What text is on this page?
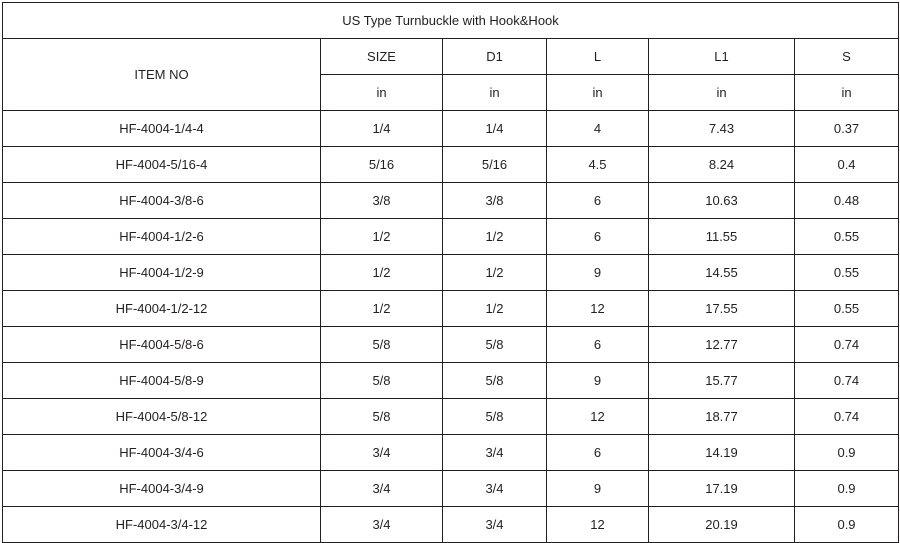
US Type Turnbuckle with Hook&Hook					
ITEM NO	SIZE	D1	L	L1	S
	in	in	in	in	in
HF-4004-1/4-4	1/4	1/4	4	7.43	0.37
HF-4004-5/16-4	5/16	5/16	4.5	8.24	0.4
HF-4004-3/8-6	3/8	3/8	6	10.63	0.48
HF-4004-1/2-6	1/2	1/2	6	11.55	0.55
HF-4004-1/2-9	1/2	1/2	9	14.55	0.55
HF-4004-1/2-12	1/2	1/2	12	17.55	0.55
HF-4004-5/8-6	5/8	5/8	6	12.77	0.74
HF-4004-5/8-9	5/8	5/8	9	15.77	0.74
HF-4004-5/8-12	5/8	5/8	12	18.77	0.74
HF-4004-3/4-6	3/4	3/4	6	14.19	0.9
HF-4004-3/4-9	3/4	3/4	9	17.19	0.9
HF-4004-3/4-12	3/4	3/4	12	20.19	0.9
